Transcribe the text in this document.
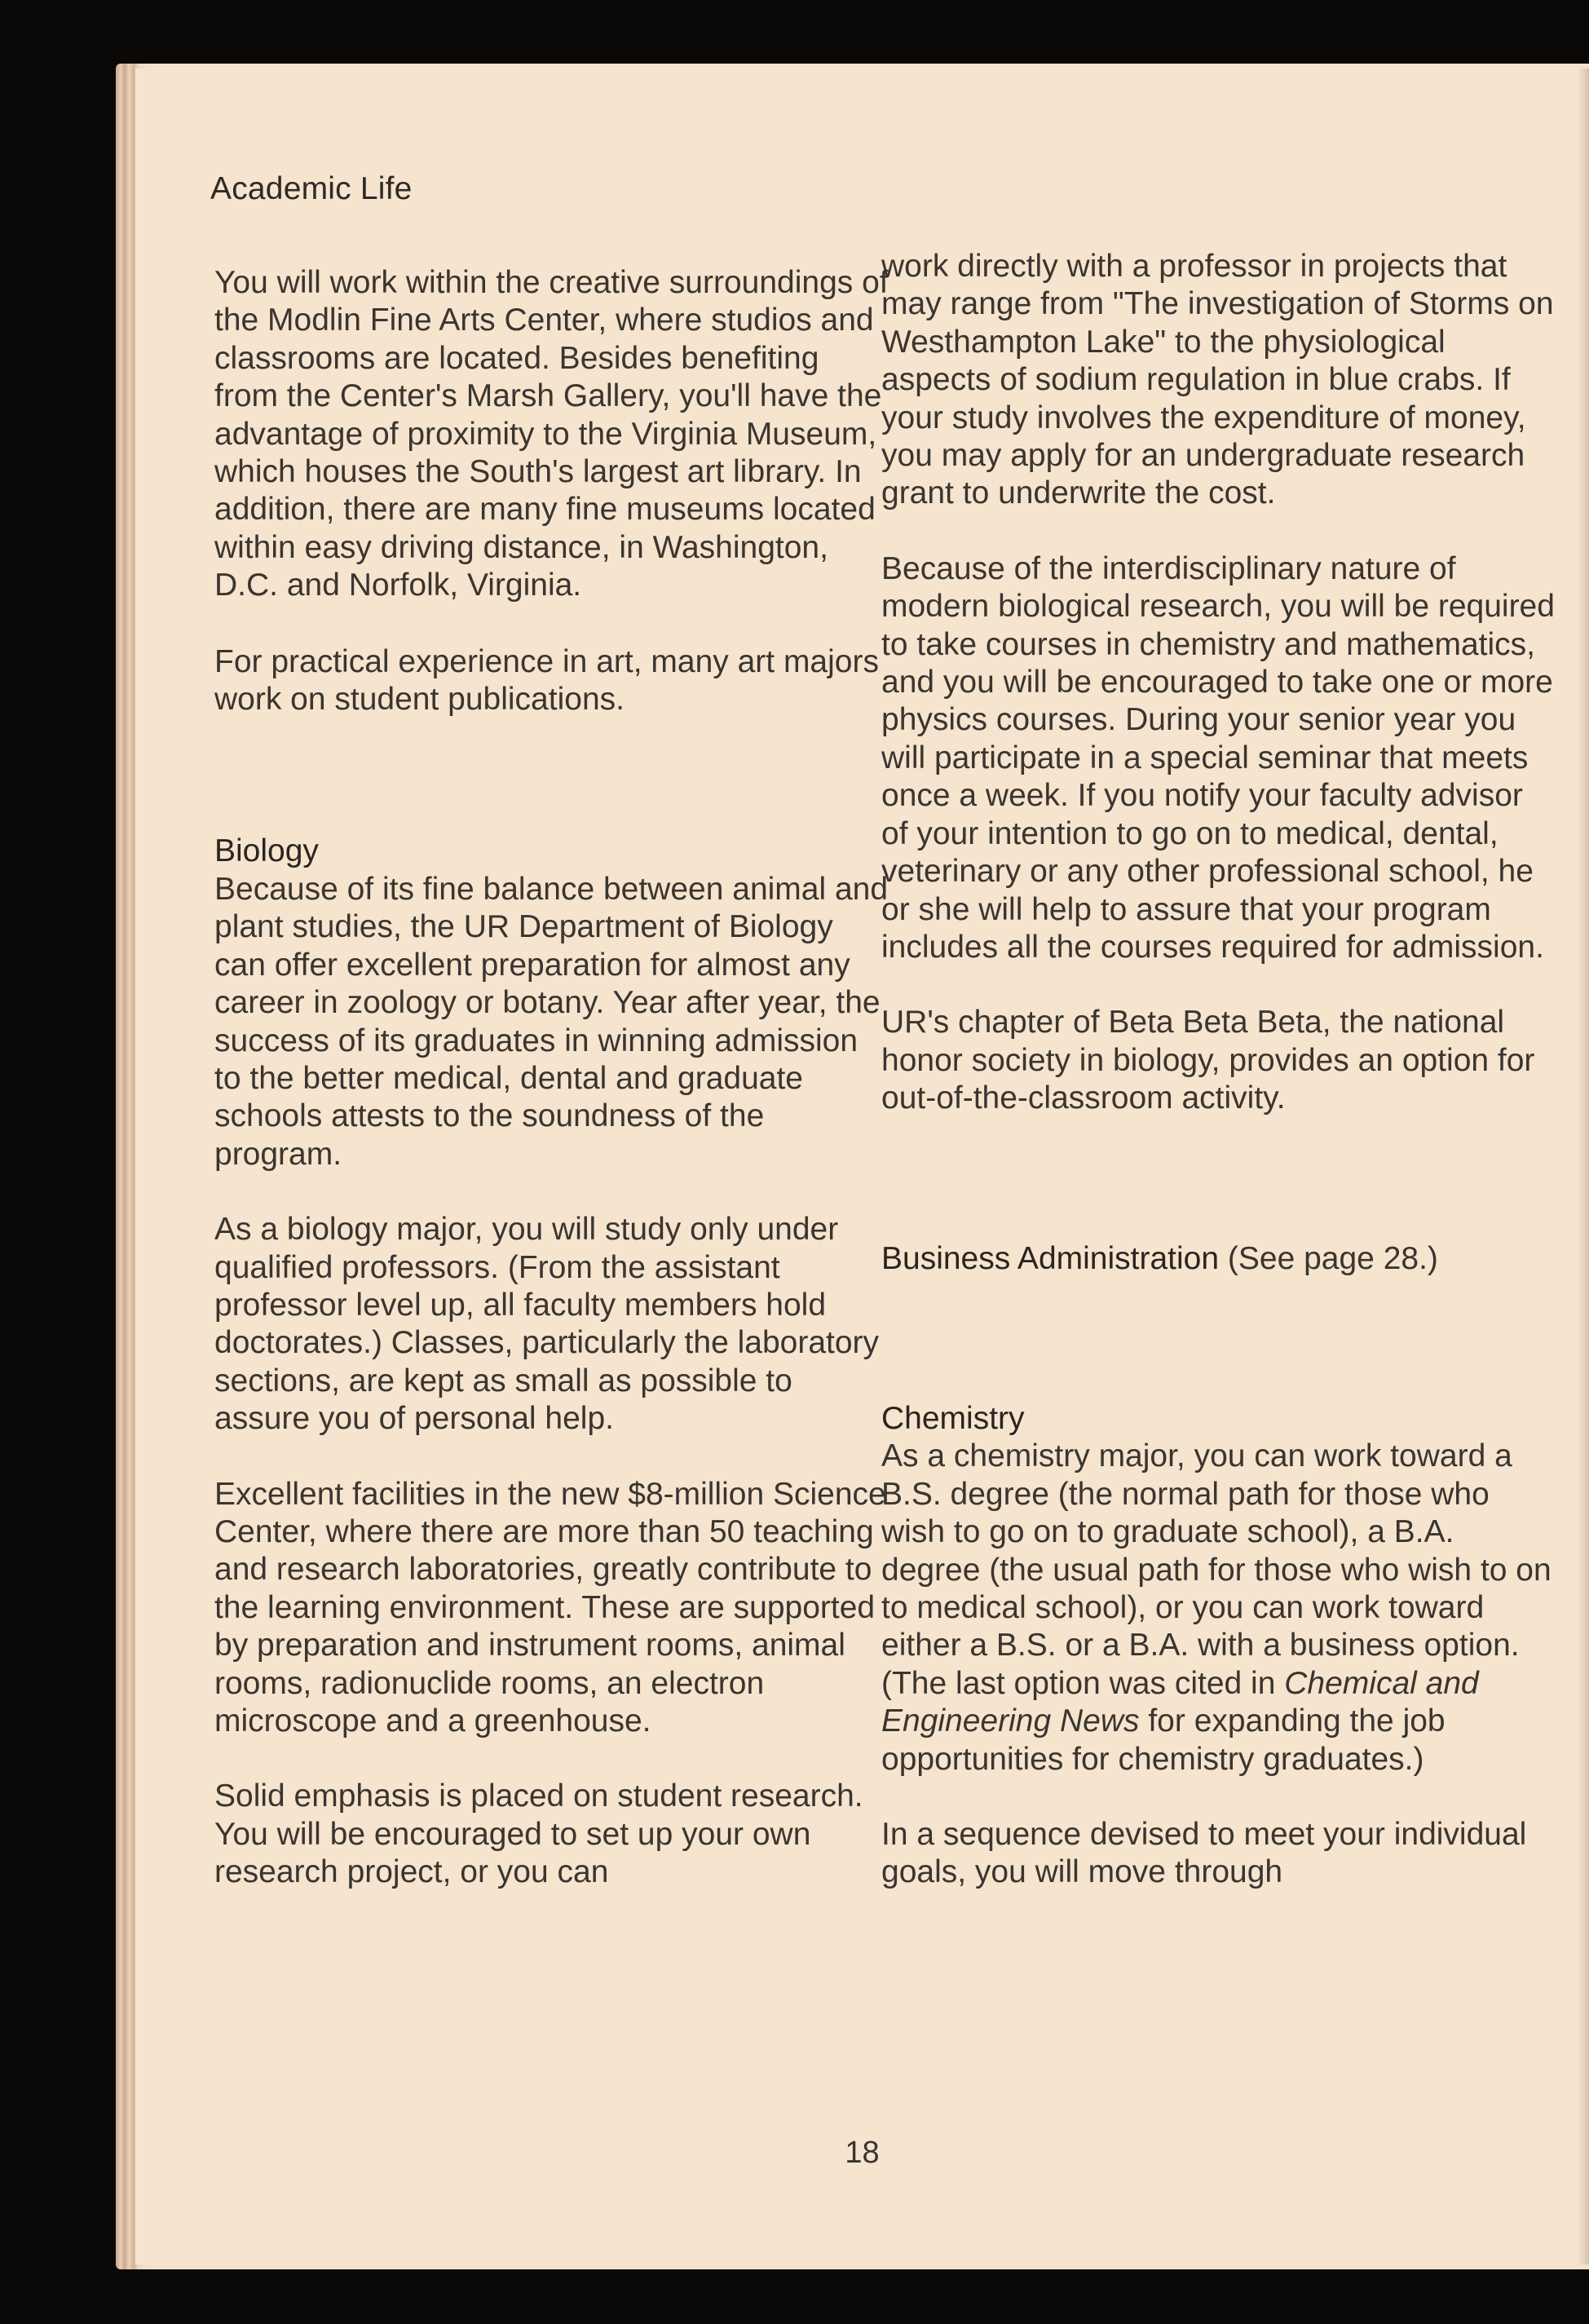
Academic Life

You will work within the creative surroundings of the Modlin Fine Arts Center, where studios and classrooms are located. Besides benefiting from the Center's Marsh Gallery, you'll have the advantage of proximity to the Virginia Museum, which houses the South's largest art library. In addition, there are many fine museums located within easy driving distance, in Washington, D.C. and Norfolk, Virginia.

For practical experience in art, many art majors work on student publications.

Biology

Because of its fine balance between animal and plant studies, the UR Department of Biology can offer excellent preparation for almost any career in zoology or botany. Year after year, the success of its graduates in winning admission to the better medical, dental and graduate schools attests to the soundness of the program.

As a biology major, you will study only under qualified professors. (From the assistant professor level up, all faculty members hold doctorates.) Classes, particularly the laboratory sections, are kept as small as possible to assure you of personal help.

Excellent facilities in the new $8-million Science Center, where there are more than 50 teaching and research laboratories, greatly contribute to the learning environment. These are supported by preparation and instrument rooms, animal rooms, radionuclide rooms, an electron microscope and a greenhouse.

Solid emphasis is placed on student research. You will be encouraged to set up your own research project, or you can

work directly with a professor in projects that may range from "The investigation of Storms on Westhampton Lake" to the physiological aspects of sodium regulation in blue crabs. If your study involves the expenditure of money, you may apply for an undergraduate research grant to underwrite the cost.

Because of the interdisciplinary nature of modern biological research, you will be required to take courses in chemistry and mathematics, and you will be encouraged to take one or more physics courses. During your senior year you will participate in a special seminar that meets once a week. If you notify your faculty advisor of your intention to go on to medical, dental, veterinary or any other professional school, he or she will help to assure that your program includes all the courses required for admission.

UR's chapter of Beta Beta Beta, the national honor society in biology, provides an option for out-of-the-classroom activity.

Business Administration (See page 28.)

Chemistry

As a chemistry major, you can work toward a B.S. degree (the normal path for those who wish to go on to graduate school), a B.A. degree (the usual path for those who wish to on to medical school), or you can work toward either a B.S. or a B.A. with a business option. (The last option was cited in Chemical and Engineering News for expanding the job opportunities for chemistry graduates.)

In a sequence devised to meet your individual goals, you will move through

18
